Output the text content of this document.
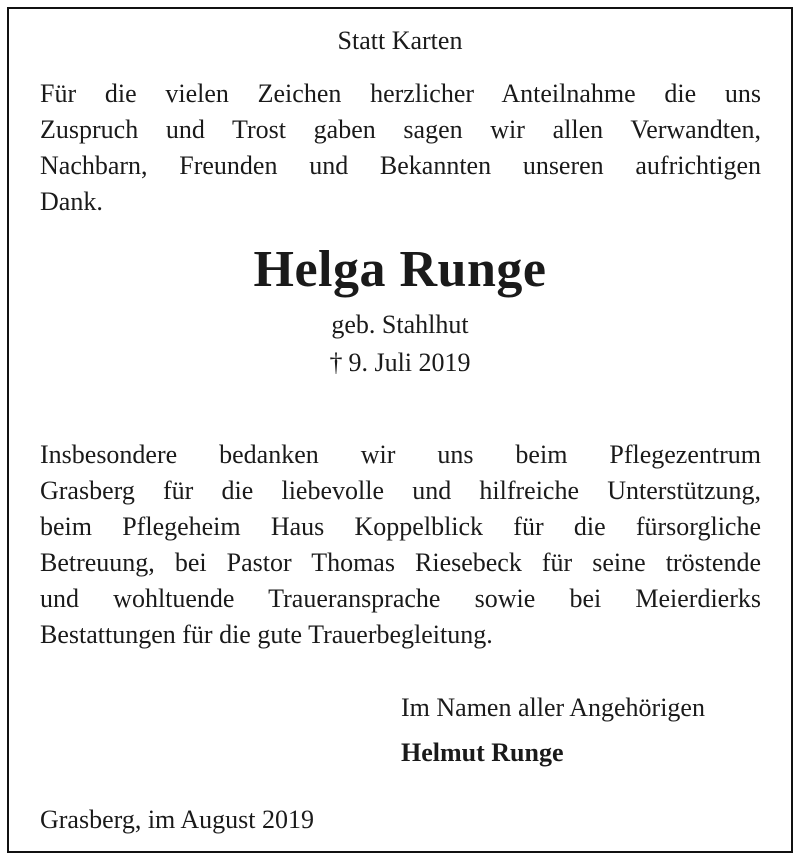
Statt Karten
Für die vielen Zeichen herzlicher Anteilnahme die uns
Zuspruch und Trost gaben sagen wir allen Verwandten,
Nachbarn, Freunden und Bekannten unseren aufrichtigen
Dank.
Helga Runge
geb. Stahlhut
† 9. Juli 2019
Insbesondere bedanken wir uns beim Pflegezentrum
Grasberg für die liebevolle und hilfreiche Unterstützung,
beim Pflegeheim Haus Koppelblick für die fürsorgliche
Betreuung, bei Pastor Thomas Riesebeck für seine tröstende
und wohltuende Traueransprache sowie bei Meierdierks
Bestattungen für die gute Trauerbegleitung.
Im Namen aller Angehörigen
Helmut Runge
Grasberg, im August 2019
